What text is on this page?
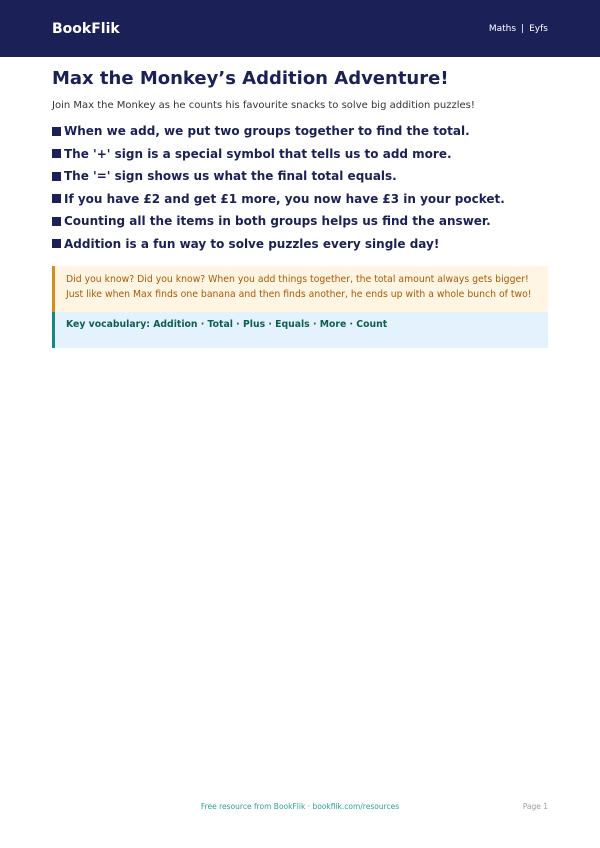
BookFlik	Maths | Eyfs
Max the Monkey’s Addition Adventure!

Join Max the Monkey as he counts his favourite snacks to solve big addition puzzles!

When we add, we put two groups together to find the total.
The '+' sign is a special symbol that tells us to add more.
The '=' sign shows us what the final total equals.
If you have £2 and get £1 more, you now have £3 in your pocket.
Counting all the items in both groups helps us find the answer.
Addition is a fun way to solve puzzles every single day!
Did you know? Did you know? When you add things together, the total amount always gets bigger! Just like when Max finds one banana and then finds another, he ends up with a whole bunch of two!
Key vocabulary: Addition · Total · Plus · Equals · More · Count
Free resource from BookFlik · bookflik.com/resources	Page 1
